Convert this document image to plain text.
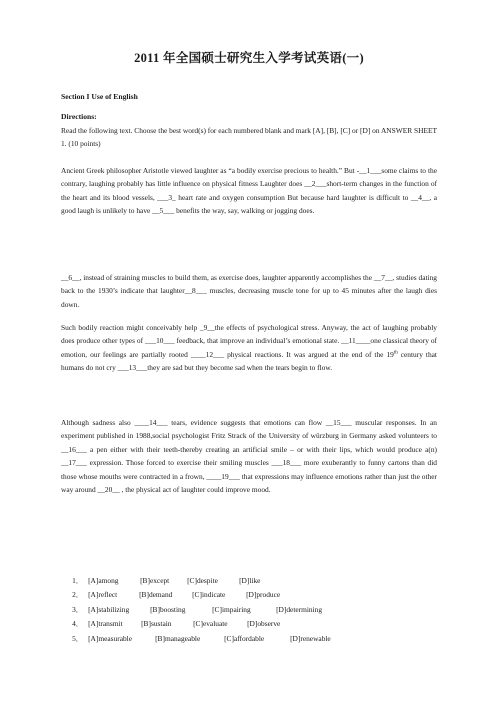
2011 年全国硕士研究生入学考试英语(一)
Section I Use of English
Directions:
Read the following text. Choose the best word(s) for each numbered blank and mark [A], [B], [C] or [D] on ANSWER SHEET 1. (10 points)
Ancient Greek philosopher Aristotle viewed laughter as “a bodily exercise precious to health.” But -__1___some claims to the contrary, laughing probably has little influence on physical fitness Laughter does __2___short-term changes in the function of the heart and its blood vessels, ___3_ heart rate and oxygen consumption But because hard laughter is difficult to __4__, a good laugh is unlikely to have __5___ benefits the way, say, walking or jogging does.
__6__, instead of straining muscles to build them, as exercise does, laughter apparently accomplishes the __7__, studies dating back to the 1930’s indicate that laughter__8___ muscles, decreasing muscle tone for up to 45 minutes after the laugh dies down.
Such bodily reaction might conceivably help _9__the effects of psychological stress. Anyway, the act of laughing probably does produce other types of ___10___ feedback, that improve an individual’s emotional state. __11____one classical theory of emotion, our feelings are partially rooted ____12___ physical reactions. It was argued at the end of the 19th century that humans do not cry ___13___they are sad but they become sad when the tears begin to flow.
Although sadness also ____14___ tears, evidence suggests that emotions can flow __15___ muscular responses. In an experiment published in 1988,social psychologist Fritz Strack of the University of würzburg in Germany asked volunteers to __16___ a pen either with their teeth-thereby creating an artificial smile – or with their lips, which would produce a(n) __17___ expression. Those forced to exercise their smiling muscles ___18___ more exuberantly to funny cartons than did those whose mouths were contracted in a frown, ____19___ that expressions may influence emotions rather than just the other way around __20__ , the physical act of laughter could improve mood.

1． [A]among	[B]except [C]despite	[D]like

2． [A]reflect	[B]demand	[C]indicate	[D]produce

3． [A]stabilizing	[B]boosting	[C]impairing	[D]determining

4． [A]transmit	[B]sustain	[C]evaluate	[D]observe

5． [A]measurable	[B]manageable	[C]affordable	[D]renewable
